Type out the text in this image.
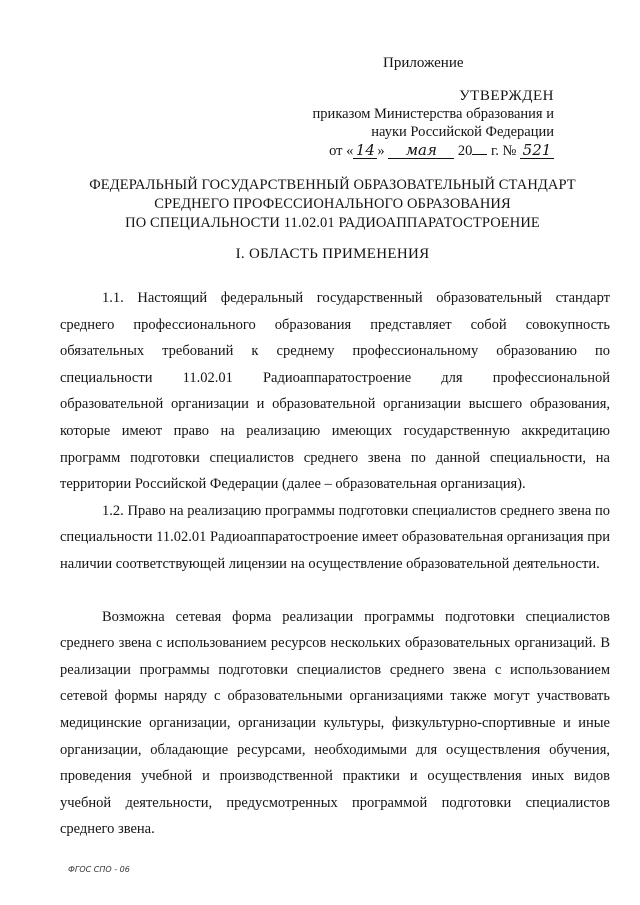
Приложение
УТВЕРЖДЕН
приказом Министерства образования и
науки Российской Федерации
от « 14 » мая 20 г. № 521
ФЕДЕРАЛЬНЫЙ ГОСУДАРСТВЕННЫЙ ОБРАЗОВАТЕЛЬНЫЙ СТАНДАРТ
СРЕДНЕГО ПРОФЕССИОНАЛЬНОГО ОБРАЗОВАНИЯ
ПО СПЕЦИАЛЬНОСТИ 11.02.01 РАДИОАППАРАТОСТРОЕНИЕ
I. ОБЛАСТЬ ПРИМЕНЕНИЯ

1.1. Настоящий федеральный государственный образовательный стандарт среднего профессионального образования представляет собой совокупность обязательных требований к среднему профессиональному образованию по специальности 11.02.01 Радиоаппаратостроение для профессиональной образовательной организации и образовательной организации высшего образования, которые имеют право на реализацию имеющих государственную аккредитацию программ подготовки специалистов среднего звена по данной специальности, на территории Российской Федерации (далее – образовательная организация).

1.2. Право на реализацию программы подготовки специалистов среднего звена по специальности 11.02.01 Радиоаппаратостроение имеет образовательная организация при наличии соответствующей лицензии на осуществление образовательной деятельности.

Возможна сетевая форма реализации программы подготовки специалистов среднего звена с использованием ресурсов нескольких образовательных организаций. В реализации программы подготовки специалистов среднего звена с использованием сетевой формы наряду с образовательными организациями также могут участвовать медицинские организации, организации культуры, физкультурно-спортивные и иные организации, обладающие ресурсами, необходимыми для осуществления обучения, проведения учебной и производственной практики и осуществления иных видов учебной деятельности, предусмотренных программой подготовки специалистов среднего звена.

ФГОС СПО - 06
